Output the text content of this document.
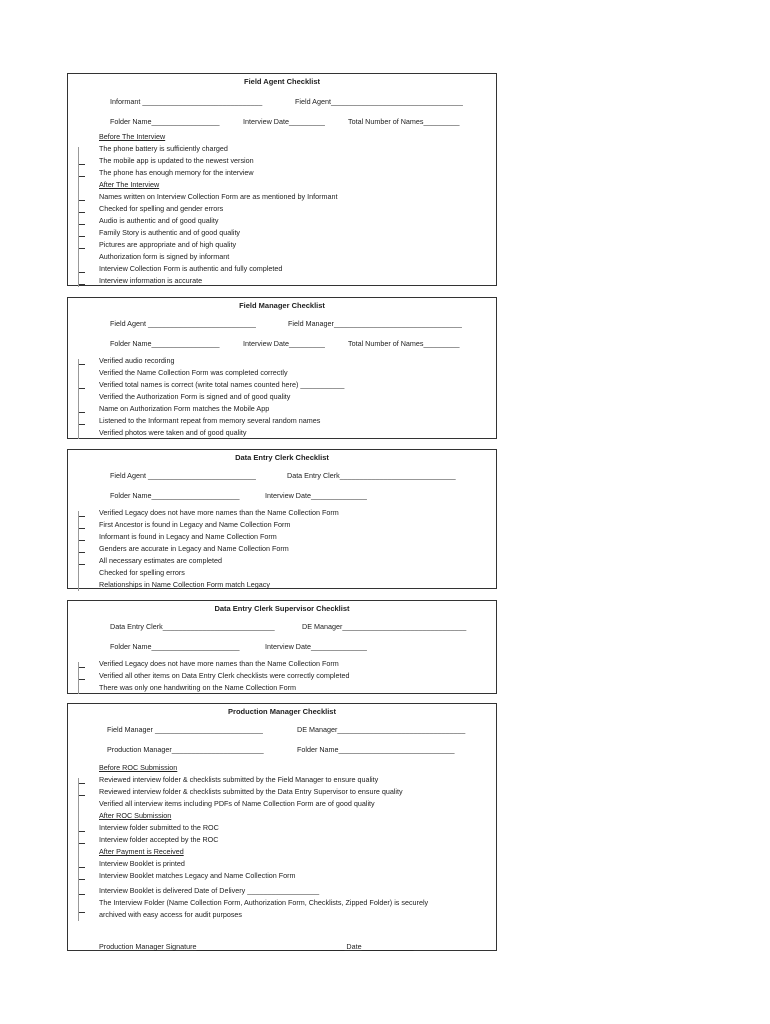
Field Agent Checklist
Informant ______________________________	Field Agent_________________________________
Folder Name_________________	Interview Date_________	Total Number of Names_________
Before The Interview
The phone battery is sufficiently charged
The mobile app is updated to the newest version
The phone has enough memory for the interview
After The Interview
Names written on Interview Collection Form are as mentioned by Informant
Checked for spelling and gender errors
Audio is authentic and of good quality
Family Story is authentic and of good quality
Pictures are appropriate and of high quality
Authorization form is signed by informant
Interview Collection Form is authentic and fully completed
Interview information is accurate
Field Manager Checklist
Field Agent ___________________________	Field Manager________________________________
Folder Name_________________	Interview Date_________	Total Number of Names_________
Verified audio recording
Verified the Name Collection Form was completed correctly
Verified total names is correct (write total names counted here) ___________
Verified the Authorization Form is signed and of good quality
Name on Authorization Form matches the Mobile App
Listened to the Informant repeat from memory several random names
Verified photos were taken and of good quality
Data Entry Clerk Checklist
Field Agent ___________________________	Data Entry Clerk_____________________________
Folder Name______________________	Interview Date______________
Verified Legacy does not have more names than the Name Collection Form
First Ancestor is found in Legacy and Name Collection Form
Informant is found in Legacy and Name Collection Form
Genders are accurate in Legacy and Name Collection Form
All necessary estimates are completed
Checked for spelling errors
Relationships in Name Collection Form match Legacy
Data Entry Clerk Supervisor Checklist
Data Entry Clerk____________________________	DE Manager_______________________________
Folder Name______________________	Interview Date______________
Verified Legacy does not have more names than the Name Collection Form
Verified all other items on Data Entry Clerk checklists were correctly completed
There was only one handwriting on the Name Collection Form
Production Manager Checklist
Field Manager ___________________________	DE Manager________________________________
Production Manager_______________________	Folder Name_____________________________
Before ROC Submission
Reviewed interview folder & checklists submitted by the Field Manager to ensure quality
Reviewed interview folder & checklists submitted by the Data Entry Supervisor to ensure quality
Verified all interview items including PDFs of Name Collection Form are of good quality
After ROC Submission
Interview folder submitted to the ROC
Interview folder accepted by the ROC
After Payment is Received
Interview Booklet is printed
Interview Booklet matches Legacy and Name Collection Form
Interview Booklet is delivered Date of Delivery __________________
The Interview Folder (Name Collection Form, Authorization Form, Checklists, Zipped Folder) is securely
archived with easy access for audit purposes
Production Manager Signature_____________________________________ Date_____________
